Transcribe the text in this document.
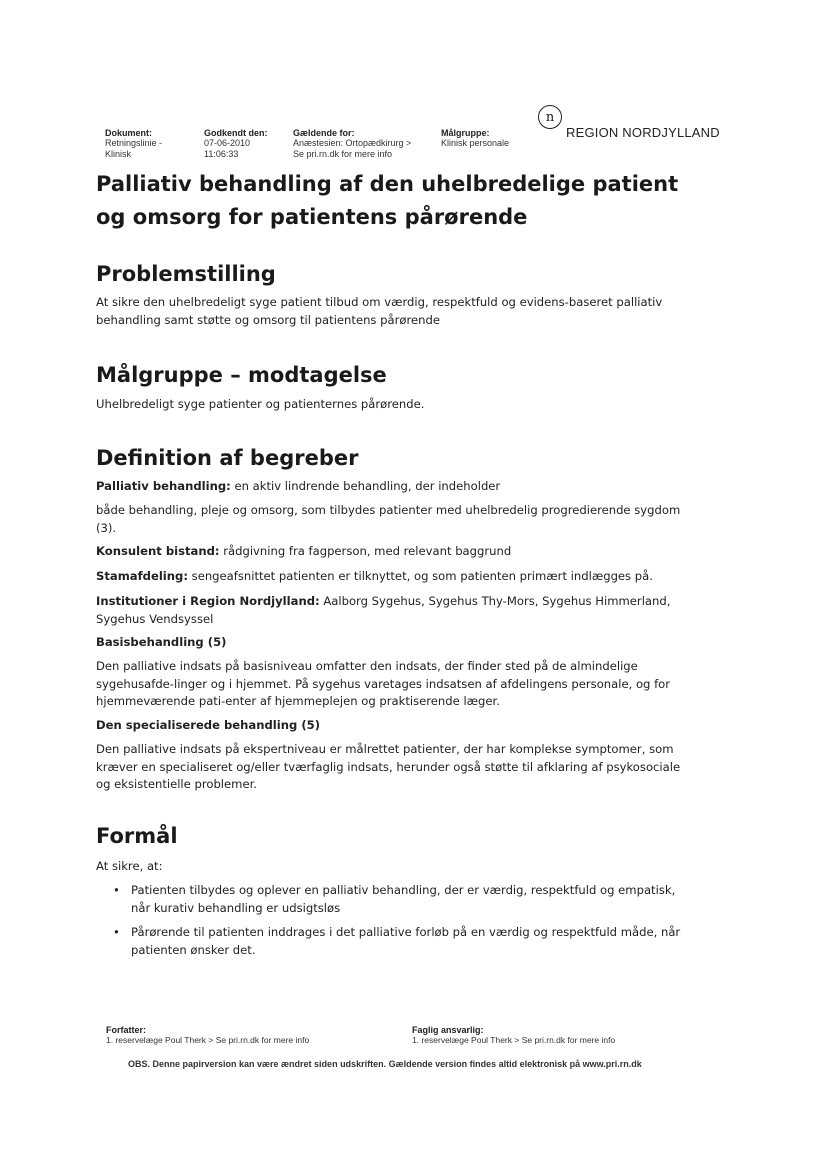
Dokument:
Retningslinie -
Klinisk
Godkendt den:
07-06-2010
11:06:33
Gældende for:
Anæstesien: Ortopædkirurg >
Se pri.rn.dk for mere info
Målgruppe:
Klinisk personale
n
REGION NORDJYLLAND
Palliativ behandling af den uhelbredelige patient
og omsorg for patientens pårørende
Problemstilling
At sikre den uhelbredeligt syge patient tilbud om værdig, respektfuld og evidens-baseret palliativ
behandling samt støtte og omsorg til patientens pårørende
Målgruppe – modtagelse
Uhelbredeligt syge patienter og patienternes pårørende.
Definition af begreber
Palliativ behandling: en aktiv lindrende behandling, der indeholder
både behandling, pleje og omsorg, som tilbydes patienter med uhelbredelig progredierende sygdom
(3).
Konsulent bistand: rådgivning fra fagperson, med relevant baggrund
Stamafdeling: sengeafsnittet patienten er tilknyttet, og som patienten primært indlægges på.
Institutioner i Region Nordjylland: Aalborg Sygehus, Sygehus Thy-Mors, Sygehus Himmerland,
Sygehus Vendsyssel
Basisbehandling (5)
Den palliative indsats på basisniveau omfatter den indsats, der finder sted på de almindelige
sygehusafde-linger og i hjemmet. På sygehus varetages indsatsen af afdelingens personale, og for
hjemmeværende pati-enter af hjemmeplejen og praktiserende læger.
Den specialiserede behandling (5)
Den palliative indsats på ekspertniveau er målrettet patienter, der har komplekse symptomer, som
kræver en specialiseret og/eller tværfaglig indsats, herunder også støtte til afklaring af psykosociale
og eksistentielle problemer.
Formål
At sikre, at:
• Patienten tilbydes og oplever en palliativ behandling, der er værdig, respektfuld og empatisk,
når kurativ behandling er udsigtsløs
• Pårørende til patienten inddrages i det palliative forløb på en værdig og respektfuld måde, når
patienten ønsker det.
Forfatter:
1. reservelæge Poul Therk > Se pri.rn.dk for mere info
Faglig ansvarlig:
1. reservelæge Poul Therk > Se pri.rn.dk for mere info
OBS. Denne papirversion kan være ændret siden udskriften. Gældende version findes altid elektronisk på www.pri.rn.dk
